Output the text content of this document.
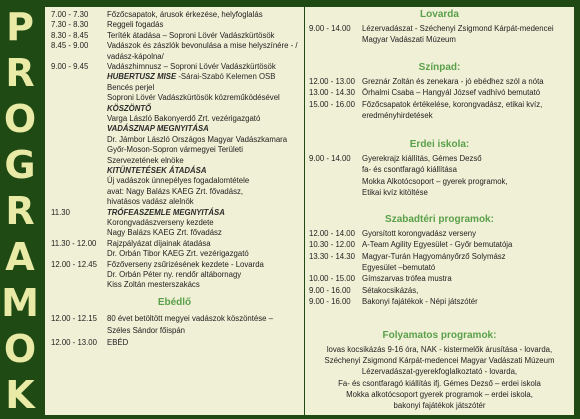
P
R
O
G
R
A
M
O
K
7.00 - 7.30 Főzőcsapatok, árusok érkezése, helyfoglalás
7.30 - 8.30 Reggeli fogadás
8.30 - 8.45 Teríték átadása – Soproni Lövér Vadászkürtösök
8.45 - 9.00 Vadászok és zászlók bevonulása a mise helyszínére - /
vadász-kápolna/
9.00 - 9.45 Vadászhimnusz – Soproni Lövér Vadászkürtösök
HUBERTUSZ MISE -Sárai-Szabó Kelemen OSB
Bencés perjel
Soproni Lövér Vadászkürtösök közreműködésével
KÖSZÖNTŐ
Varga László Bakonyerdő Zrt. vezérigazgató
VADÁSZNAP MEGNYITÁSA
Dr. Jámbor László Országos Magyar Vadászkamara
Győr-Moson-Sopron vármegyei Területi
Szervezetének elnöke
KITÜNTETÉSEK ÁTADÁSA
Új vadászok ünnepélyes fogadalomtétele
avat: Nagy Balázs KAEG Zrt. fővadász,
hivatásos vadász alelnök
11.30	TRÓFEASZEMLE MEGNYITÁSA
Korongvadászverseny kezdete
Nagy Balázs KAEG Zrt. fővadász
11.30 - 12.00 Rajzpályázat díjainak átadása
Dr. Orbán Tibor KAEG Zrt. vezérigazgató
12.00 - 12.45 Főzőverseny zsűrizésének kezdete - Lovarda
Dr. Orbán Péter ny. rendőr altábornagy
Kiss Zoltán mesterszakács
Ebédlő
12.00 - 12.15 80 évet betöltött megyei vadászok köszöntése –
Széles Sándor főispán
12.00 - 13.00 EBÉD
Lovarda
9.00 - 14.00 Lézervadászat - Széchenyi Zsigmond Kárpát-medencei
Magyar Vadászati Múzeum
Színpad:
12.00 - 13.00 Greznár Zoltán és zenekara - jó ebédhez szól a nóta
13.00 - 14.30 Örhalmi Csaba – Hangyál József vadhívó bemutató
15.00 - 16.00 Főzőcsapatok értékelése, korongvadász, etikai kvíz,
eredményhirdetések
Erdei iskola:
9.00 - 14.00 Gyerekrajz kiállítás, Gémes Dezső
fa- és csontfaragó kiállítása
Mokka Alkotócsoport – gyerek programok,
Etikai kvíz kitöltése
Szabadtéri programok:
12.00 - 14.00 Gyorsított korongvadász verseny
10.30 - 12.00 A-Team Agility Egyesület - Győr bemutatója
13.30 - 14.30 Magyar-Turán Hagyományőrző Solymász
Egyesület –bemutató
10.00 - 15.00 Gímszarvas trófea mustra
9.00 - 16.00 Sétakocsikázás,
9.00 - 16.00 Bakonyi fajátékok - Népi játszótér
Folyamatos programok:
lovas kocsikázás 9-16 óra, NAK - kistermelők árusítása - lovarda,
Széchenyi Zsigmond Kárpát-medencei Magyar Vadászati Múzeum
Lézervadászat-gyerekfoglalkoztató - lovarda,
Fa- és csontfaragó kiállítás ifj. Gémes Dezső – erdei iskola
Mokka alkotócsoport gyerek programok – erdei iskola,
bakonyi fajátékok játszótér
